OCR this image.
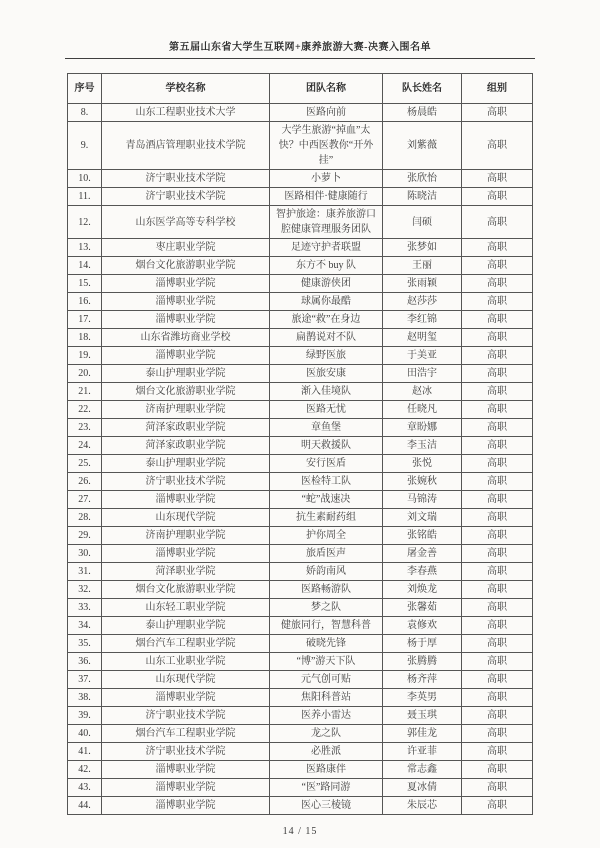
第五届山东省大学生互联网+康养旅游大赛-决赛入围名单
序号	学校名称	团队名称	队长姓名	组别
8.	山东工程职业技术大学	医路向前	杨晨皓	高职
9.	青岛酒店管理职业技术学院	大学生旅游“掉血”太快？中西医教你“开外挂”	刘紫薇	高职
10.	济宁职业技术学院	小萝卜	张欣怡	高职
11.	济宁职业技术学院	医路相伴·健康随行	陈晓洁	高职
12.	山东医学高等专科学校	智护旅途：康养旅游口腔健康管理服务团队	闫硕	高职
13.	枣庄职业学院	足迹守护者联盟	张梦如	高职
14.	烟台文化旅游职业学院	东方不 buy 队	王丽	高职
15.	淄博职业学院	健康游侠团	张雨颖	高职
16.	淄博职业学院	球属你最酷	赵莎莎	高职
17.	淄博职业学院	旅途“救”在身边	李红锦	高职
18.	山东省潍坊商业学校	扁鹊说对不队	赵明玺	高职
19.	淄博职业学院	绿野医旅	于美亚	高职
20.	泰山护理职业学院	医旅安康	田浩宇	高职
21.	烟台文化旅游职业学院	渐入佳境队	赵冰	高职
22.	济南护理职业学院	医路无忧	任晓凡	高职
23.	菏泽家政职业学院	章鱼堡	章盼娜	高职
24.	菏泽家政职业学院	明天救援队	李玉洁	高职
25.	泰山护理职业学院	安行医盾	张悦	高职
26.	济宁职业技术学院	医检特工队	张婉秋	高职
27.	淄博职业学院	“蛇”战速决	马锦涛	高职
28.	山东现代学院	抗生素耐药组	刘文瑞	高职
29.	济南护理职业学院	护你周全	张铭皓	高职
30.	淄博职业学院	旅盾医声	屠金善	高职
31.	菏泽职业学院	娇韵南风	李春燕	高职
32.	烟台文化旅游职业学院	医路畅游队	刘焕龙	高职
33.	山东轻工职业学院	梦之队	张馨茹	高职
34.	泰山护理职业学院	健旅同行，智慧科普	袁修欢	高职
35.	烟台汽车工程职业学院	破晓先锋	杨于厚	高职
36.	山东工业职业学院	“博”游天下队	张腾腾	高职
37.	山东现代学院	元气创可贴	杨齐萍	高职
38.	淄博职业学院	焦阳科普站	李英男	高职
39.	济宁职业技术学院	医养小雷达	聂玉琪	高职
40.	烟台汽车工程职业学院	龙之队	郭佳龙	高职
41.	济宁职业技术学院	必胜派	许亚菲	高职
42.	淄博职业学院	医路康伴	常志鑫	高职
43.	淄博职业学院	“医”路同游	夏冰倩	高职
44.	淄博职业学院	医心三棱镜	朱辰芯	高职
14 / 15
